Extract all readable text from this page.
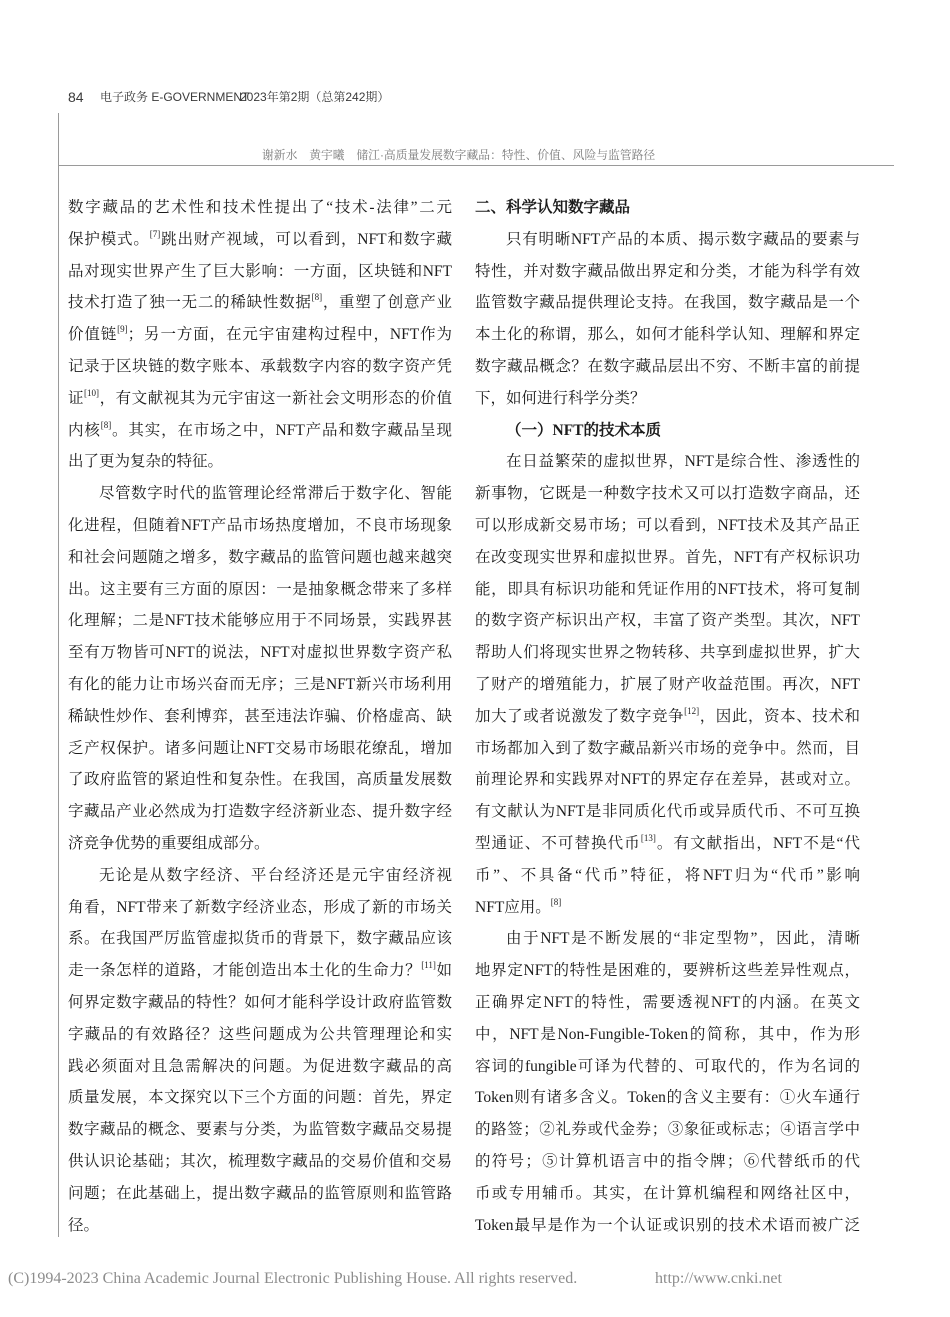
84 电子政务 E-GOVERNMENT
2023年第2期（总第242期）
谢新水　黄宇曦　储江·高质量发展数字藏品：特性、价值、风险与监管路径
数字藏品的艺术性和技术性提出了“技术-法律”二元
保护模式。[7]跳出财产视域，可以看到，NFT和数字藏
品对现实世界产生了巨大影响：一方面，区块链和NFT
技术打造了独一无二的稀缺性数据[8]，重塑了创意产业
价值链[9]；另一方面，在元宇宙建构过程中，NFT作为
记录于区块链的数字账本、承载数字内容的数字资产凭
证[10]，有文献视其为元宇宙这一新社会文明形态的价值
内核[8]。其实，在市场之中，NFT产品和数字藏品呈现
出了更为复杂的特征。
尽管数字时代的监管理论经常滞后于数字化、智能
化进程，但随着NFT产品市场热度增加，不良市场现象
和社会问题随之增多，数字藏品的监管问题也越来越突
出。这主要有三方面的原因：一是抽象概念带来了多样
化理解；二是NFT技术能够应用于不同场景，实践界甚
至有万物皆可NFT的说法，NFT对虚拟世界数字资产私
有化的能力让市场兴奋而无序；三是NFT新兴市场利用
稀缺性炒作、套利博弈，甚至违法诈骗、价格虚高、缺
乏产权保护。诸多问题让NFT交易市场眼花缭乱，增加
了政府监管的紧迫性和复杂性。在我国，高质量发展数
字藏品产业必然成为打造数字经济新业态、提升数字经
济竞争优势的重要组成部分。
无论是从数字经济、平台经济还是元宇宙经济视
角看，NFT带来了新数字经济业态，形成了新的市场关
系。在我国严厉监管虚拟货币的背景下，数字藏品应该
走一条怎样的道路，才能创造出本土化的生命力？[11]如
何界定数字藏品的特性？如何才能科学设计政府监管数
字藏品的有效路径？这些问题成为公共管理理论和实
践必须面对且急需解决的问题。为促进数字藏品的高
质量发展，本文探究以下三个方面的问题：首先，界定
数字藏品的概念、要素与分类，为监管数字藏品交易提
供认识论基础；其次，梳理数字藏品的交易价值和交易
问题；在此基础上，提出数字藏品的监管原则和监管路
径。
二、科学认知数字藏品
只有明晰NFT产品的本质、揭示数字藏品的要素与
特性，并对数字藏品做出界定和分类，才能为科学有效
监管数字藏品提供理论支持。在我国，数字藏品是一个
本土化的称谓，那么，如何才能科学认知、理解和界定
数字藏品概念？在数字藏品层出不穷、不断丰富的前提
下，如何进行科学分类？
（一）NFT的技术本质
在日益繁荣的虚拟世界，NFT是综合性、渗透性的
新事物，它既是一种数字技术又可以打造数字商品，还
可以形成新交易市场；可以看到，NFT技术及其产品正
在改变现实世界和虚拟世界。首先，NFT有产权标识功
能，即具有标识功能和凭证作用的NFT技术，将可复制
的数字资产标识出产权，丰富了资产类型。其次，NFT
帮助人们将现实世界之物转移、共享到虚拟世界，扩大
了财产的增殖能力，扩展了财产收益范围。再次，NFT
加大了或者说激发了数字竞争[12]，因此，资本、技术和
市场都加入到了数字藏品新兴市场的竞争中。然而，目
前理论界和实践界对NFT的界定存在差异，甚或对立。
有文献认为NFT是非同质化代币或异质代币、不可互换
型通证、不可替换代币[13]。有文献指出，NFT不是“代
币”、不具备“代币”特征，将NFT归为“代币”影响
NFT应用。[8]
由于NFT是不断发展的“非定型物”，因此，清晰
地界定NFT的特性是困难的，要辨析这些差异性观点，
正确界定NFT的特性，需要透视NFT的内涵。在英文
中，NFT是Non-Fungible-Token的简称，其中，作为形
容词的fungible可译为代替的、可取代的，作为名词的
Token则有诸多含义。Token的含义主要有：①火车通行
的路签；②礼券或代金券；③象征或标志；④语言学中
的符号；⑤计算机语言中的指令牌；⑥代替纸币的代
币或专用辅币。其实，在计算机编程和网络社区中，
Token最早是作为一个认证或识别的技术术语而被广泛
(C)1994-2023 China Academic Journal Electronic Publishing House. All rights reserved.	http://www.cnki.net
